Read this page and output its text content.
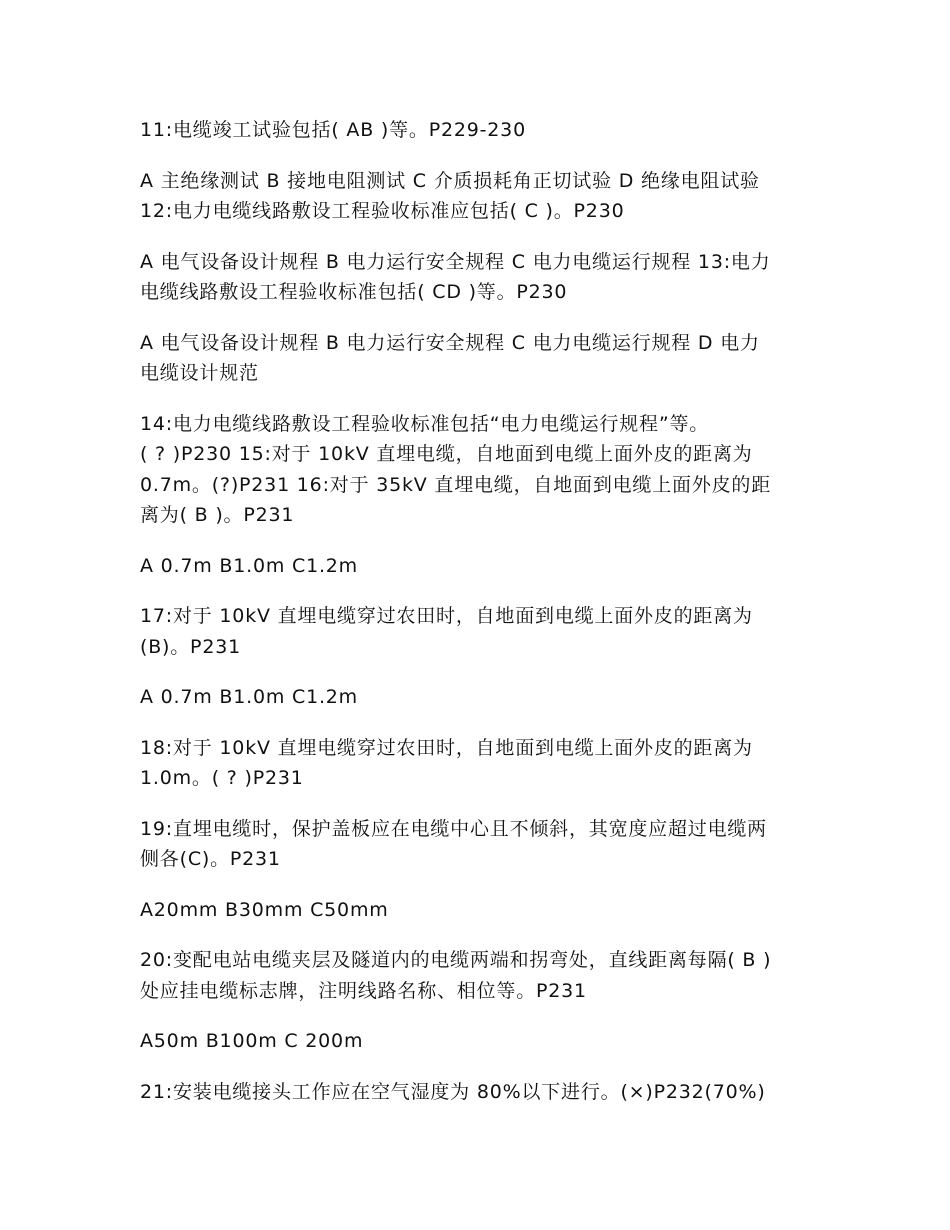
11:电缆竣工试验包括( AB )等。P229-230

A 主绝缘测试 B 接地电阻测试 C 介质损耗角正切试验 D 绝缘电阻试验
12:电力电缆线路敷设工程验收标准应包括( C )。P230

A 电气设备设计规程 B 电力运行安全规程 C 电力电缆运行规程 13:电力
电缆线路敷设工程验收标准包括( CD )等。P230

A 电气设备设计规程 B 电力运行安全规程 C 电力电缆运行规程 D 电力
电缆设计规范

14:电力电缆线路敷设工程验收标准包括“电力电缆运行规程”等。
( ? )P230 15:对于 10kV 直埋电缆，自地面到电缆上面外皮的距离为
0.7m。(?)P231 16:对于 35kV 直埋电缆，自地面到电缆上面外皮的距
离为( B )。P231

A 0.7m B1.0m C1.2m

17:对于 10kV 直埋电缆穿过农田时，自地面到电缆上面外皮的距离为
(B)。P231

A 0.7m B1.0m C1.2m

18:对于 10kV 直埋电缆穿过农田时，自地面到电缆上面外皮的距离为
1.0m。( ? )P231

19:直埋电缆时，保护盖板应在电缆中心且不倾斜，其宽度应超过电缆两
侧各(C)。P231

A20mm B30mm C50mm

20:变配电站电缆夹层及隧道内的电缆两端和拐弯处，直线距离每隔( B )
处应挂电缆标志牌，注明线路名称、相位等。P231

A50m B100m C 200m

21:安装电缆接头工作应在空气湿度为 80%以下进行。(×)P232(70%)
